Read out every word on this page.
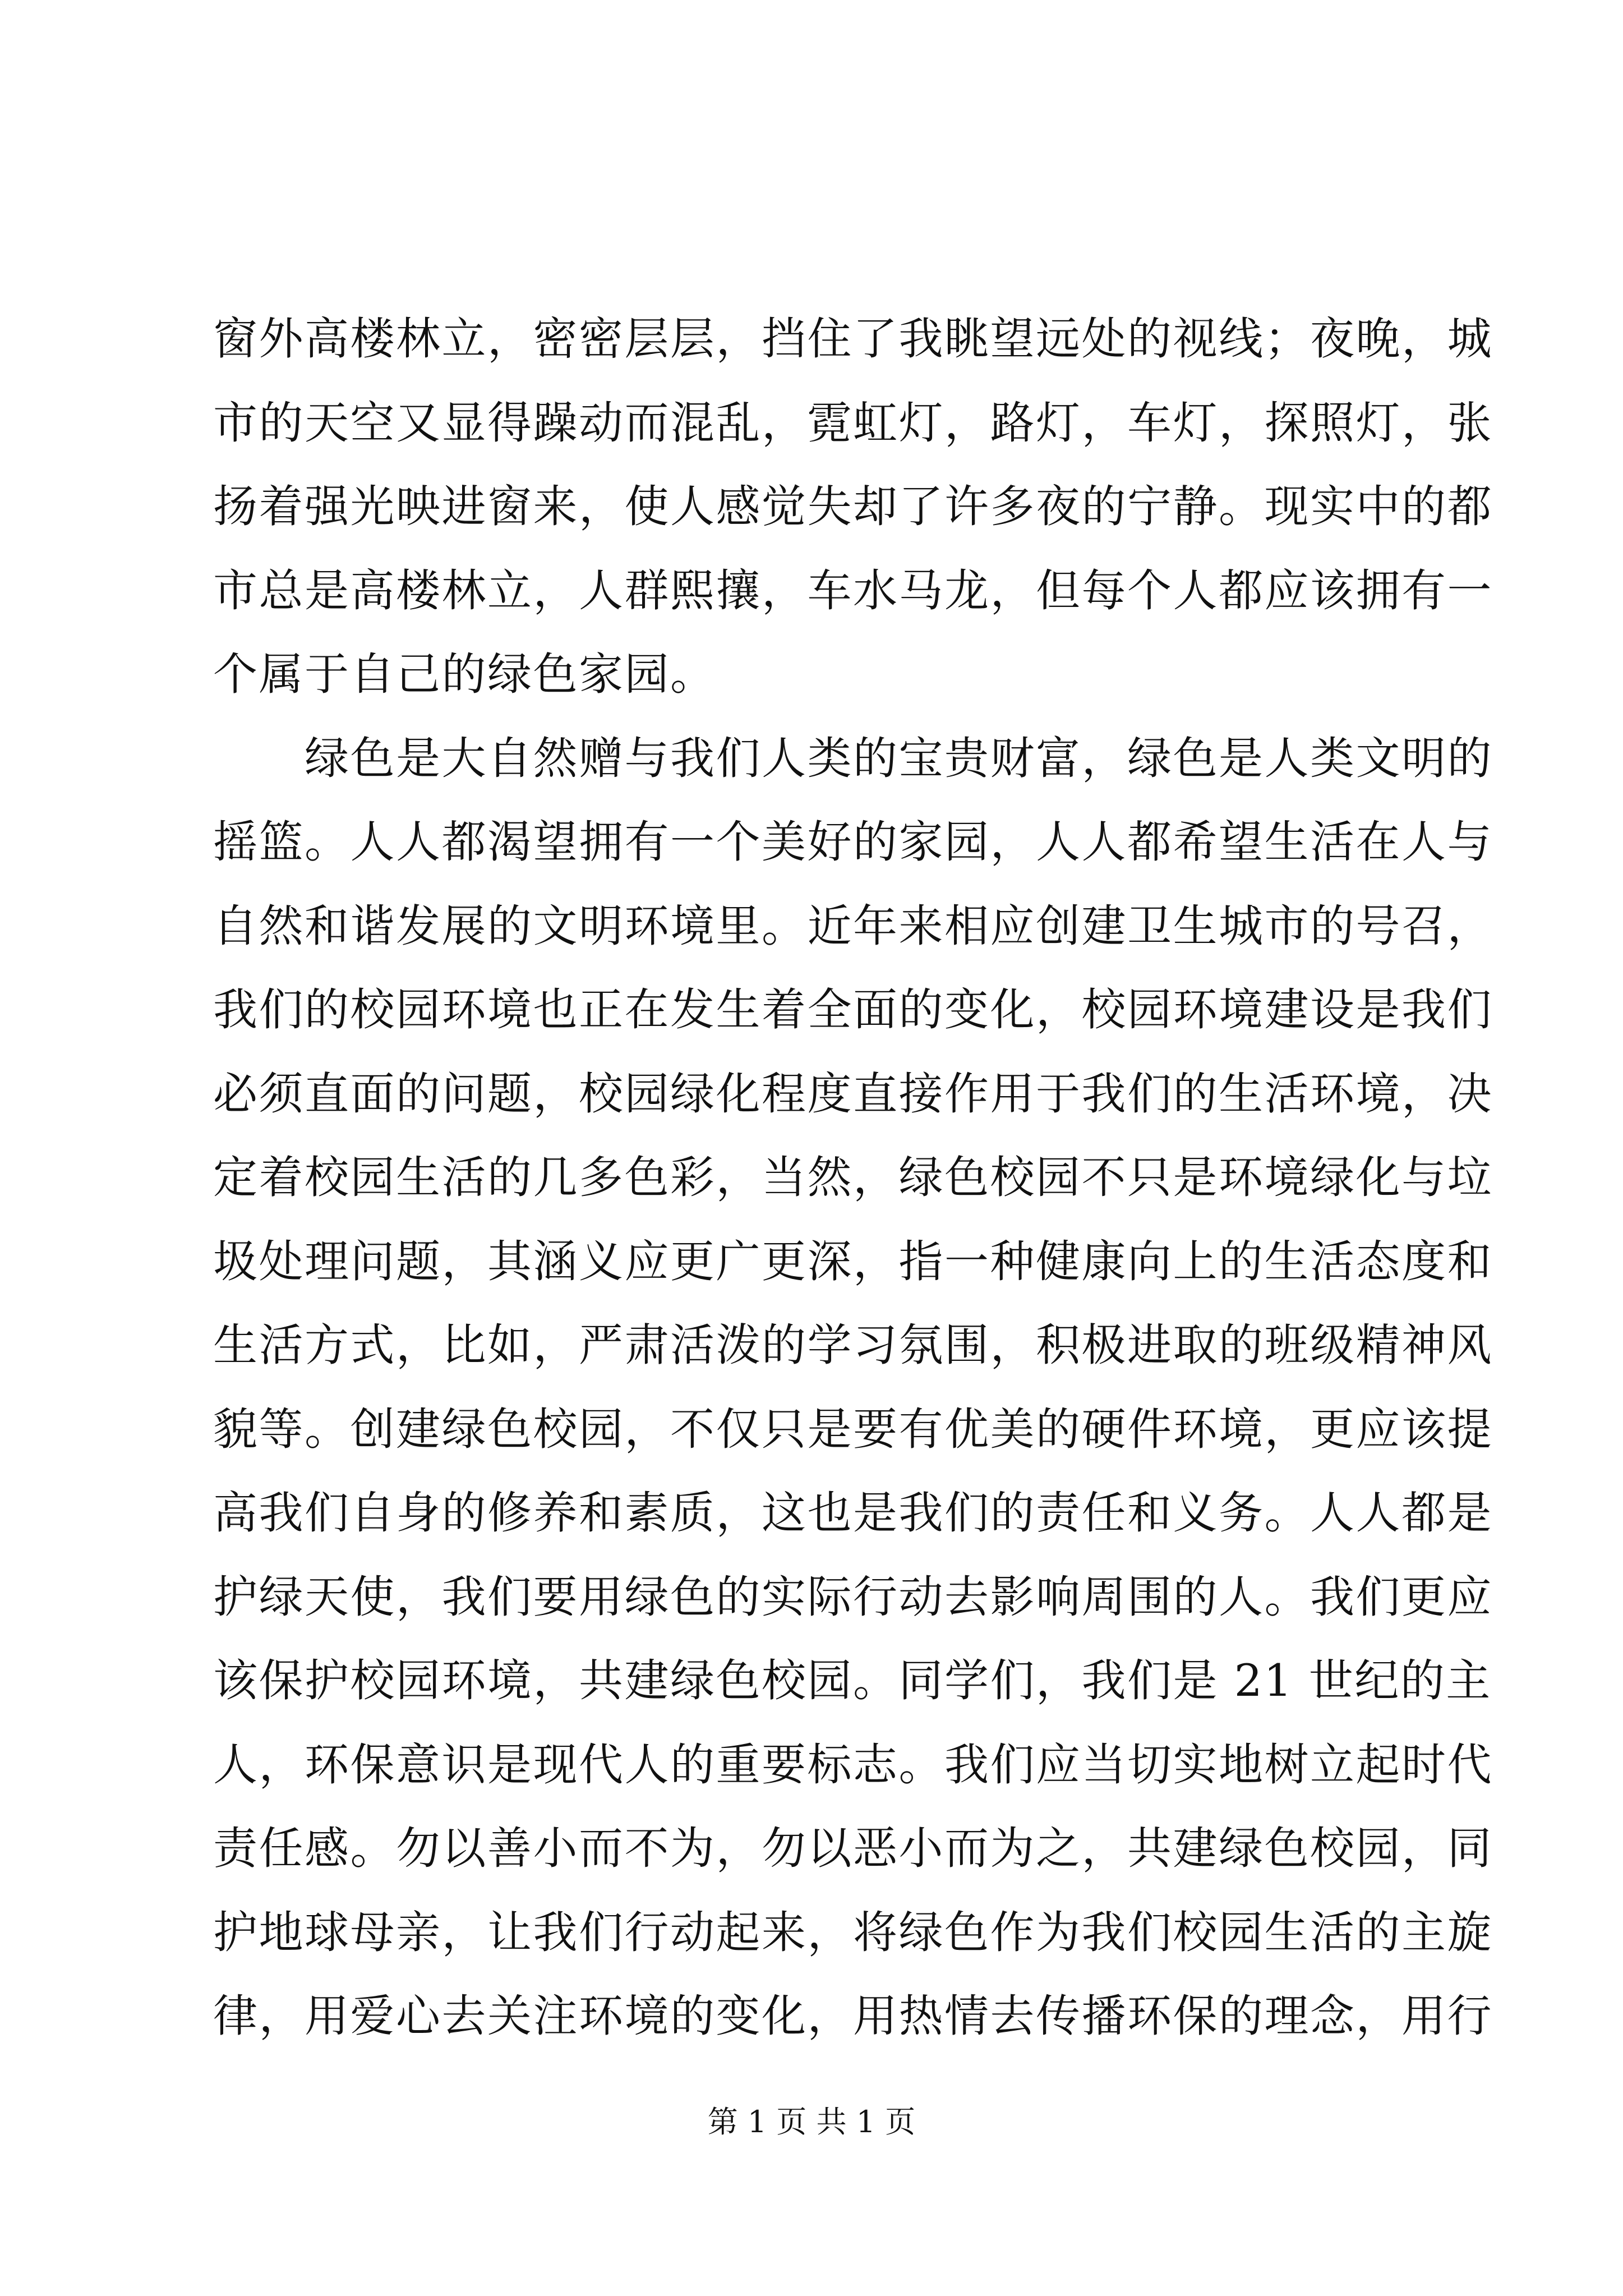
窗外高楼林立，密密层层，挡住了我眺望远处的视线；夜晚，城
市的天空又显得躁动而混乱，霓虹灯，路灯，车灯，探照灯，张
扬着强光映进窗来，使人感觉失却了许多夜的宁静。现实中的都
市总是高楼林立，人群熙攘，车水马龙，但每个人都应该拥有一
个属于自己的绿色家园。
　　绿色是大自然赠与我们人类的宝贵财富，绿色是人类文明的
摇篮。人人都渴望拥有一个美好的家园，人人都希望生活在人与
自然和谐发展的文明环境里。近年来相应创建卫生城市的号召，
我们的校园环境也正在发生着全面的变化，校园环境建设是我们
必须直面的问题，校园绿化程度直接作用于我们的生活环境，决
定着校园生活的几多色彩，当然，绿色校园不只是环境绿化与垃
圾处理问题，其涵义应更广更深，指一种健康向上的生活态度和
生活方式，比如，严肃活泼的学习氛围，积极进取的班级精神风
貌等。创建绿色校园，不仅只是要有优美的硬件环境，更应该提
高我们自身的修养和素质，这也是我们的责任和义务。人人都是
护绿天使，我们要用绿色的实际行动去影响周围的人。我们更应
该保护校园环境，共建绿色校园。同学们，我们是 21 世纪的主
人，环保意识是现代人的重要标志。我们应当切实地树立起时代
责任感。勿以善小而不为，勿以恶小而为之，共建绿色校园，同
护地球母亲，让我们行动起来，将绿色作为我们校园生活的主旋
律，用爱心去关注环境的变化，用热情去传播环保的理念，用行
第 1 页 共 1 页
